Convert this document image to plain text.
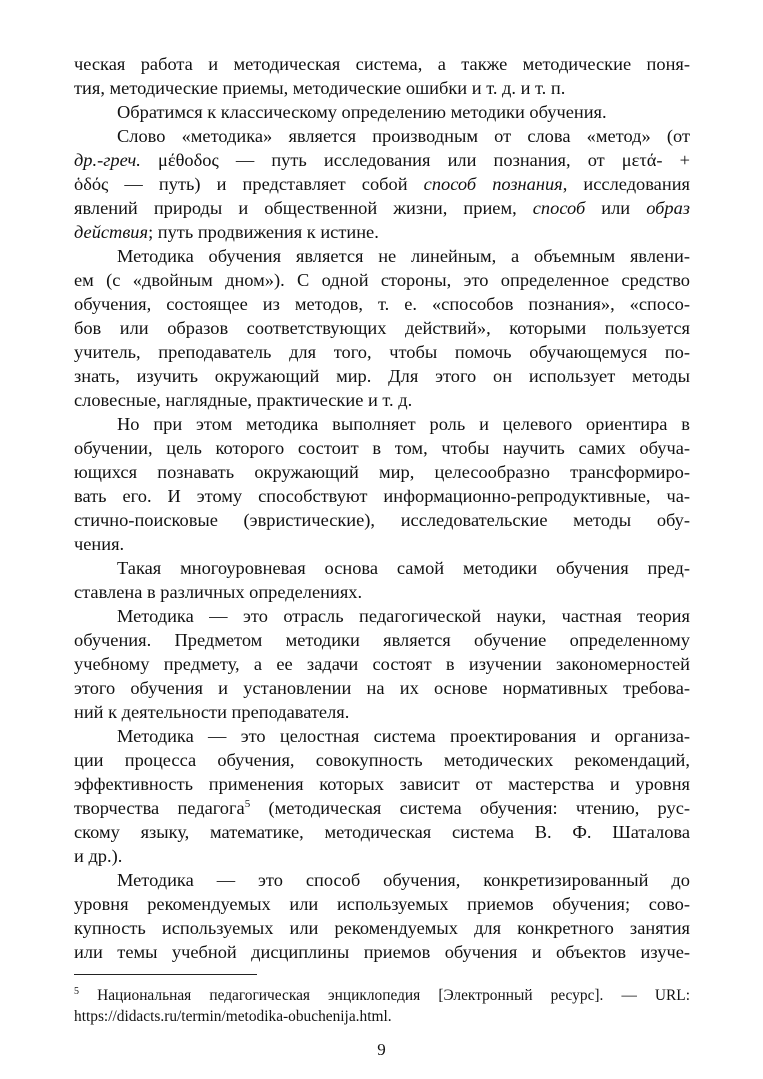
ческая работа и методическая система, а также методические поня-
тия, методические приемы, методические ошибки и т. д. и т. п.
Обратимся к классическому определению методики обучения.
Слово «методика» является производным от слова «метод» (от
др.-греч. μέθοδος — путь исследования или познания, от μετά- +
ὁδός — путь) и представляет собой способ познания, исследования
явлений природы и общественной жизни, прием, способ или образ
действия; путь продвижения к истине.
Методика обучения является не линейным, а объемным явлени-
ем (с «двойным дном»). С одной стороны, это определенное средство
обучения, состоящее из методов, т. е. «способов познания», «спосо-
бов или образов соответствующих действий», которыми пользуется
учитель, преподаватель для того, чтобы помочь обучающемуся по-
знать, изучить окружающий мир. Для этого он использует методы
словесные, наглядные, практические и т. д.
Но при этом методика выполняет роль и целевого ориентира в
обучении, цель которого состоит в том, чтобы научить самих обуча-
ющихся познавать окружающий мир, целесообразно трансформиро-
вать его. И этому способствуют информационно-репродуктивные, ча-
стично-поисковые (эвристические), исследовательские методы обу-
чения.
Такая многоуровневая основа самой методики обучения пред-
ставлена в различных определениях.
Методика — это отрасль педагогической науки, частная теория
обучения. Предметом методики является обучение определенному
учебному предмету, а ее задачи состоят в изучении закономерностей
этого обучения и установлении на их основе нормативных требова-
ний к деятельности преподавателя.
Методика — это целостная система проектирования и организа-
ции процесса обучения, совокупность методических рекомендаций,
эффективность применения которых зависит от мастерства и уровня
творчества педагога$^5$ (методическая система обучения: чтению, рус-
скому языку, математике, методическая система В. Ф. Шаталова
и др.).
Методика — это способ обучения, конкретизированный до
уровня рекомендуемых или используемых приемов обучения; сово-
купность используемых или рекомендуемых для конкретного занятия
или темы учебной дисциплины приемов обучения и объектов изуче-
$^5$ Национальная педагогическая энциклопедия [Электронный ресурс]. — URL:
https://didacts.ru/termin/metodika-obuchenija.html.
9
